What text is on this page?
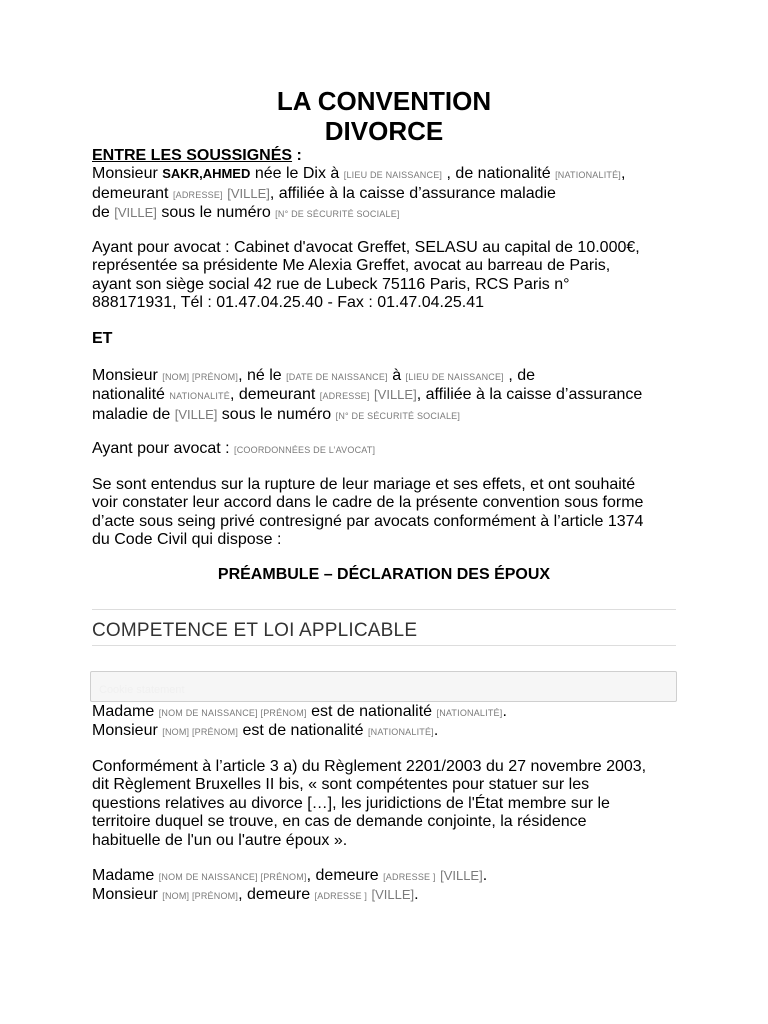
LA CONVENTION
DIVORCE
ENTRE LES SOUSSIGNÉS :
Monsieur SAKR,AHMED née le Dix à [LIEU DE NAISSANCE] , de nationalité [NATIONALITÉ],
demeurant [ADRESSE] [VILLE], affiliée à la caisse d’assurance maladie
de [VILLE] sous le numéro [N° DE SÉCURITÉ SOCIALE]
Ayant pour avocat : Cabinet d'avocat Greffet, SELASU au capital de 10.000€,
représentée sa présidente Me Alexia Greffet, avocat au barreau de Paris,
ayant son siège social 42 rue de Lubeck 75116 Paris, RCS Paris n°
888171931, Tél : 01.47.04.25.40 - Fax : 01.47.04.25.41
ET
Monsieur [NOM] [PRÉNOM], né le [DATE DE NAISSANCE] à [LIEU DE NAISSANCE] , de
nationalité NATIONALITÉ, demeurant [ADRESSE] [VILLE], affiliée à la caisse d’assurance
maladie de [VILLE] sous le numéro [N° DE SÉCURITÉ SOCIALE]
Ayant pour avocat : [COORDONNÉES DE L’AVOCAT]
Se sont entendus sur la rupture de leur mariage et ses effets, et ont souhaité
voir constater leur accord dans le cadre de la présente convention sous forme
d’acte sous seing privé contresigné par avocats conformément à l’article 1374
du Code Civil qui dispose :
PRÉAMBULE – DÉCLARATION DES ÉPOUX
COMPETENCE ET LOI APPLICABLE
Cookie statement
Madame [NOM DE NAISSANCE] [PRÉNOM] est de nationalité [NATIONALITÉ].
Monsieur [NOM] [PRÉNOM] est de nationalité [NATIONALITÉ].
Conformément à l’article 3 a) du Règlement 2201/2003 du 27 novembre 2003,
dit Règlement Bruxelles II bis, « sont compétentes pour statuer sur les
questions relatives au divorce […], les juridictions de l'État membre sur le
territoire duquel se trouve, en cas de demande conjointe, la résidence
habituelle de l'un ou l'autre époux ».
Madame [NOM DE NAISSANCE] [PRÉNOM], demeure [ADRESSE ] [VILLE].
Monsieur [NOM] [PRÉNOM], demeure [ADRESSE ] [VILLE].
